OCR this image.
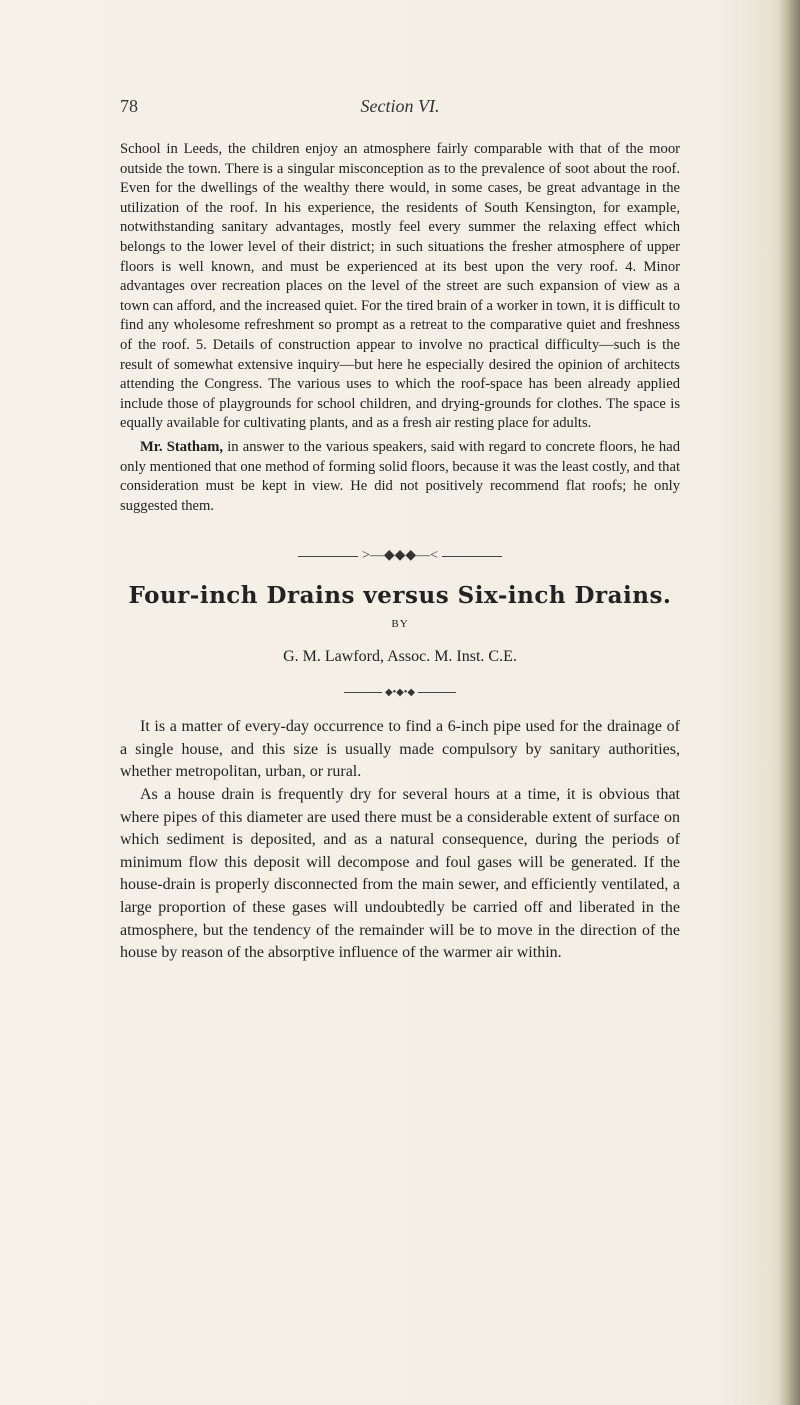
78	Section VI.

School in Leeds, the children enjoy an atmosphere fairly comparable with that of the moor outside the town. There is a singular misconception as to the prevalence of soot about the roof. Even for the dwellings of the wealthy there would, in some cases, be great advantage in the utilization of the roof. In his experience, the residents of South Kensington, for example, notwithstanding sanitary advantages, mostly feel every summer the relaxing effect which belongs to the lower level of their district; in such situations the fresher atmosphere of upper floors is well known, and must be experienced at its best upon the very roof. 4. Minor advantages over recreation places on the level of the street are such expansion of view as a town can afford, and the increased quiet. For the tired brain of a worker in town, it is difficult to find any wholesome refreshment so prompt as a retreat to the comparative quiet and freshness of the roof. 5. Details of construction appear to involve no practical difficulty—such is the result of somewhat extensive inquiry—but here he especially desired the opinion of architects attending the Congress. The various uses to which the roof-space has been already applied include those of playgrounds for school children, and drying-grounds for clothes. The space is equally available for cultivating plants, and as a fresh air resting place for adults.

Mr. Statham, in answer to the various speakers, said with regard to concrete floors, he had only mentioned that one method of forming solid floors, because it was the least costly, and that consideration must be kept in view. He did not positively recommend flat roofs; he only suggested them.

>—◆◆◆—<
Four-inch Drains versus Six-inch Drains.
BY
G. M. Lawford, Assoc. M. Inst. C.E.
◆•◆•◆

It is a matter of every-day occurrence to find a 6-inch pipe used for the drainage of a single house, and this size is usually made compulsory by sanitary authorities, whether metropolitan, urban, or rural.

As a house drain is frequently dry for several hours at a time, it is obvious that where pipes of this diameter are used there must be a considerable extent of surface on which sediment is deposited, and as a natural consequence, during the periods of minimum flow this deposit will decompose and foul gases will be generated. If the house-drain is properly disconnected from the main sewer, and efficiently ventilated, a large proportion of these gases will undoubtedly be carried off and liberated in the atmosphere, but the tendency of the remainder will be to move in the direction of the house by reason of the absorptive influence of the warmer air within.
